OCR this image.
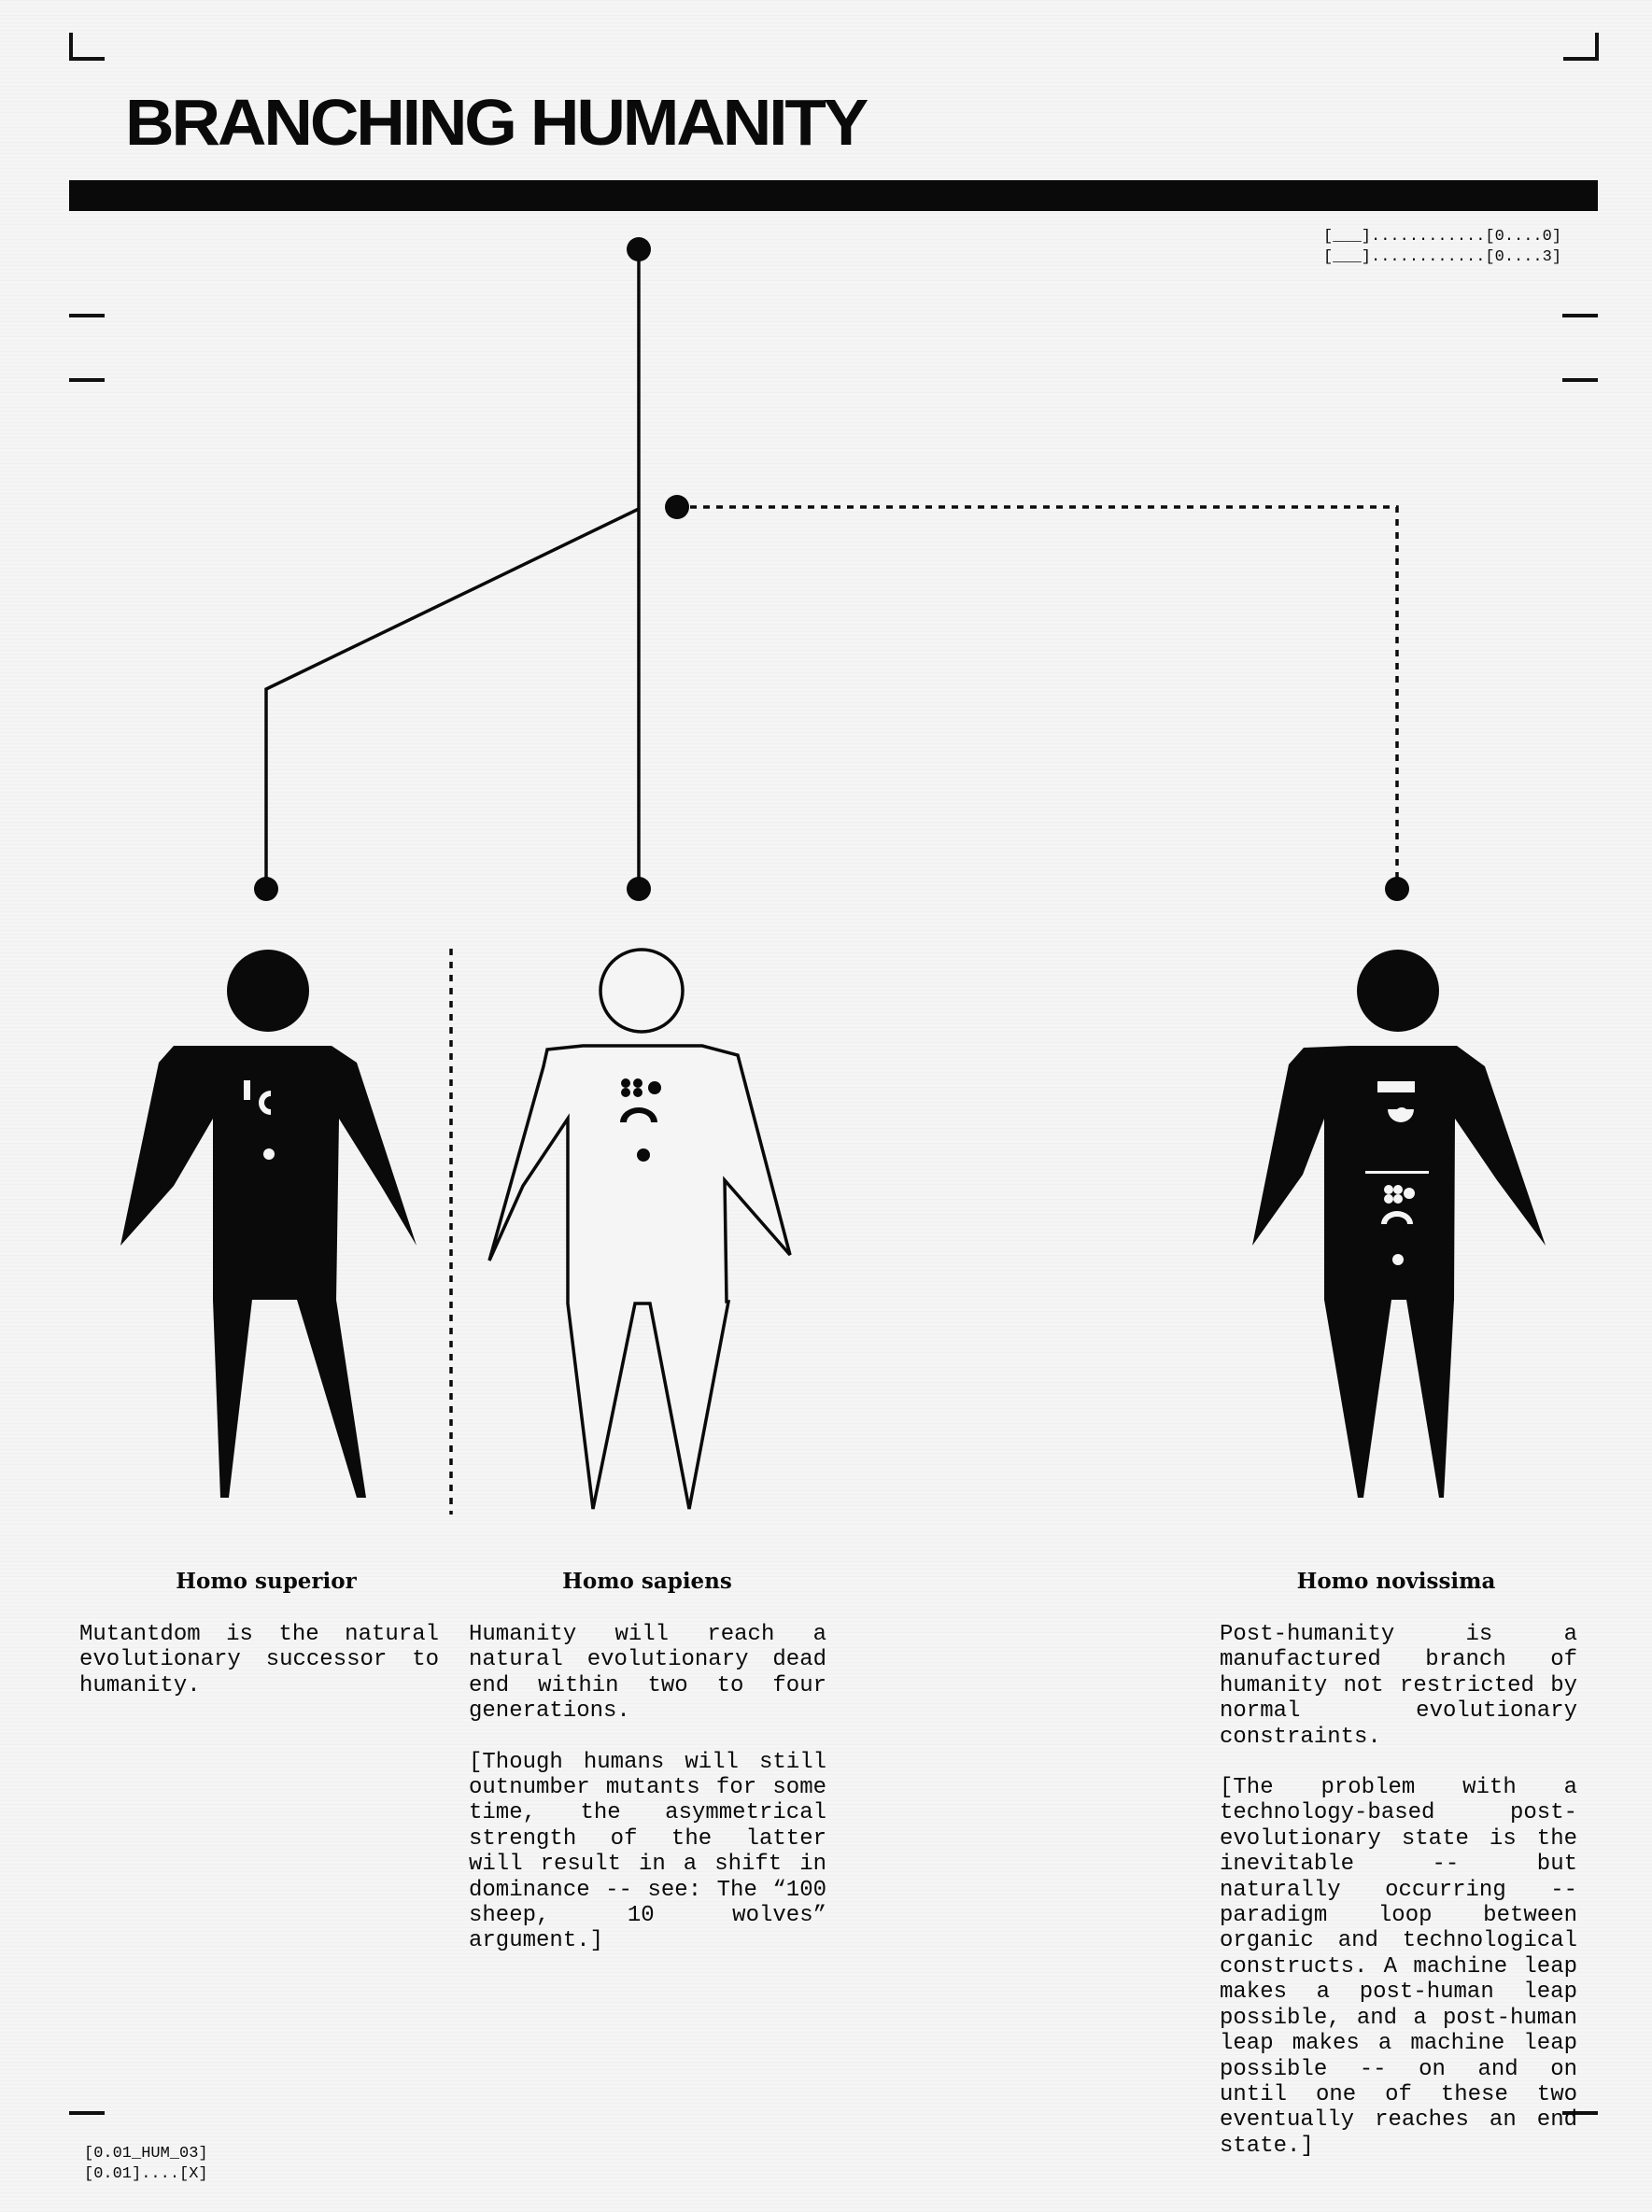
BRANCHING HUMANITY
[___]............[0....0]
[___]............[0....3]
Homo superior	Homo sapiens	Homo novissima

Mutantdom is the natural evolutionary successor to humanity.

Humanity will reach a natural evolutionary dead end within two to four generations.

[Though humans will still outnumber mutants for some time, the asymmetrical strength of the latter will result in a shift in dominance -- see: The “100 sheep, 10 wolves” argument.]

Post-humanity is a manufactured branch of humanity not restricted by normal evolutionary constraints.

[The problem with a technology-based post-evolutionary state is the inevitable -- but naturally occurring -- paradigm loop between organic and technological constructs. A machine leap makes a post-human leap possible, and a post-human leap makes a machine leap possible -- on and on until one of these two eventually reaches an end state.]

[0.01_HUM_03]
[0.01]....[X]
